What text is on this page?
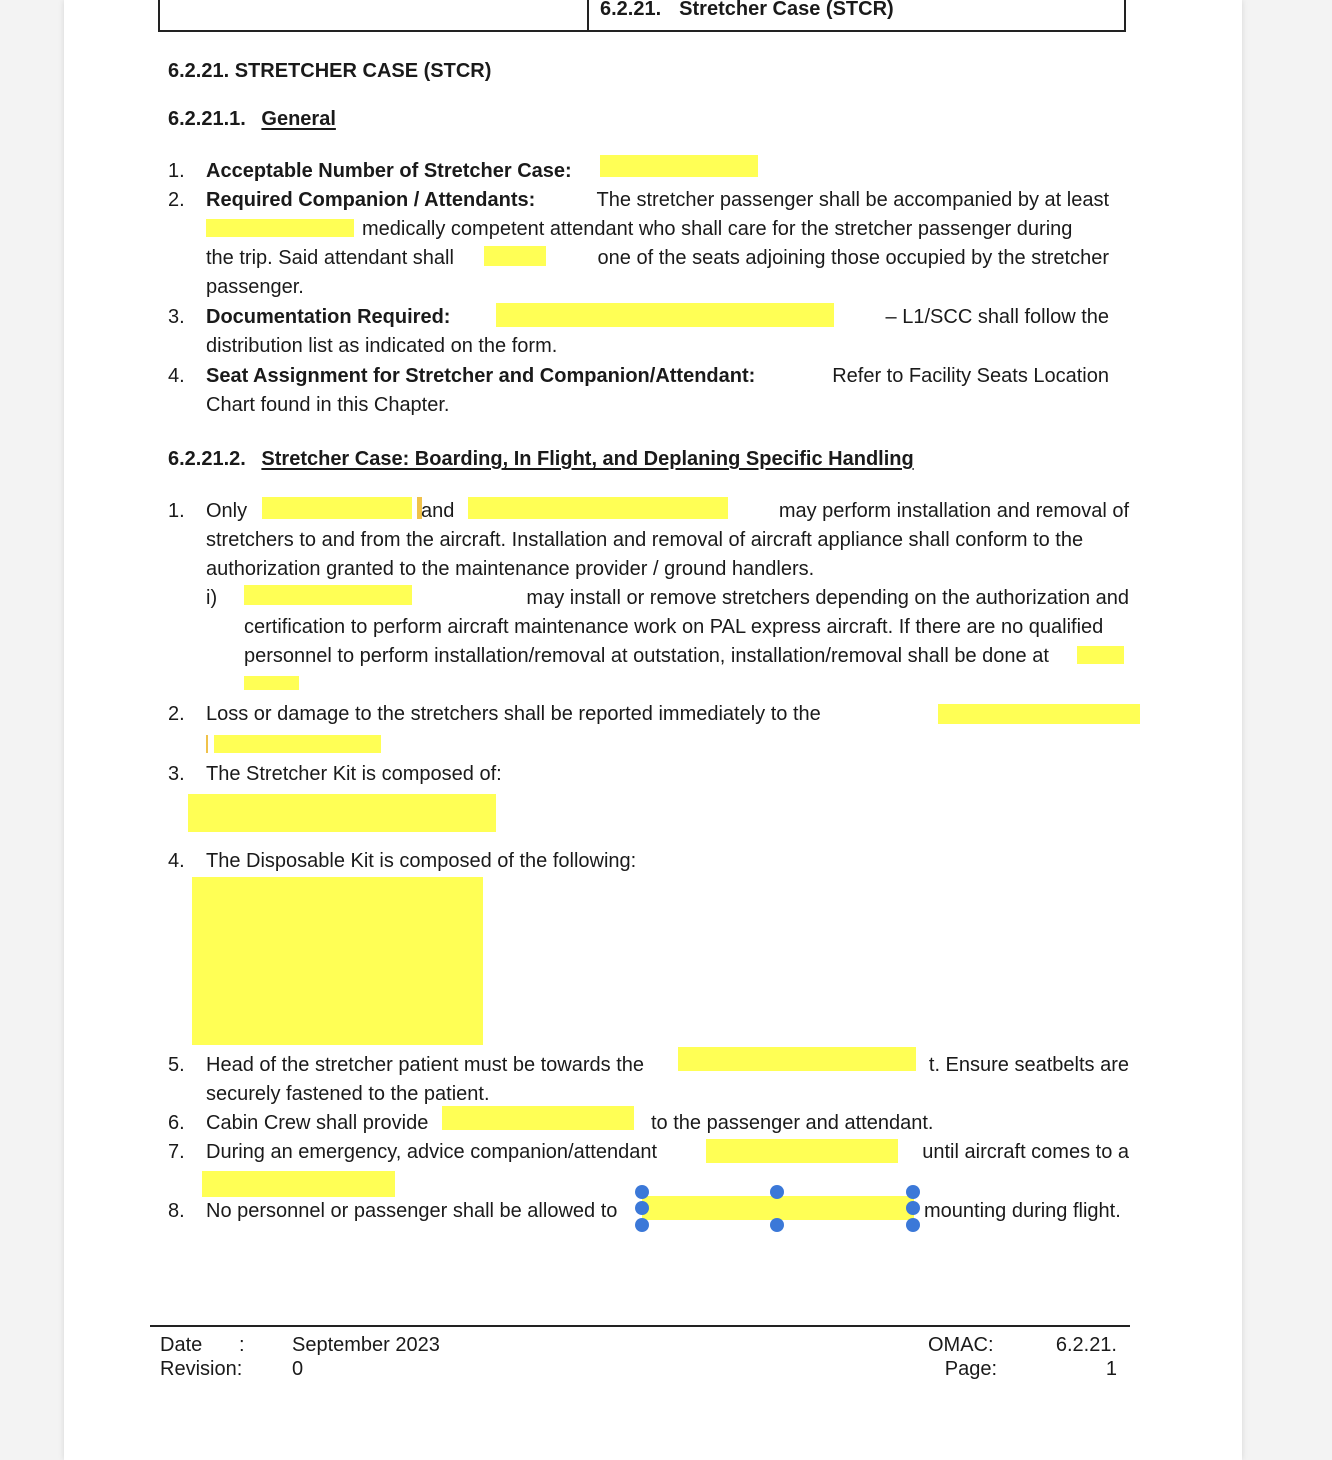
6.2.21. Stretcher Case (STCR)
6.2.21. STRETCHER CASE (STCR)
6.2.21.1. General
1. Acceptable Number of Stretcher Case:
2. Required Companion / Attendants:	The stretcher passenger shall be accompanied by at least
medically competent attendant who shall care for the stretcher passenger during
the trip. Said attendant shall	one of the seats adjoining those occupied by the stretcher
passenger.
3. Documentation Required:	– L1/SCC shall follow the
distribution list as indicated on the form.
4. Seat Assignment for Stretcher and Companion/Attendant:	Refer to Facility Seats Location
Chart found in this Chapter.
6.2.21.2. Stretcher Case: Boarding, In Flight, and Deplaning Specific Handling
1. Only	and	may perform installation and removal of
stretchers to and from the aircraft. Installation and removal of aircraft appliance shall conform to the
authorization granted to the maintenance provider / ground handlers.
i)	may install or remove stretchers depending on the authorization and
certification to perform aircraft maintenance work on PAL express aircraft. If there are no qualified
personnel to perform installation/removal at outstation, installation/removal shall be done at
2. Loss or damage to the stretchers shall be reported immediately to the
3. The Stretcher Kit is composed of:
4. The Disposable Kit is composed of the following:
5. Head of the stretcher patient must be towards the	t. Ensure seatbelts are
securely fastened to the patient.
6. Cabin Crew shall provide	to the passenger and attendant.
7. During an emergency, advice companion/attendant	until aircraft comes to a
8. No personnel or passenger shall be allowed to	mounting during flight.
Date : September 2023
Revision: 0
OMAC:	6.2.21.
Page:	1
